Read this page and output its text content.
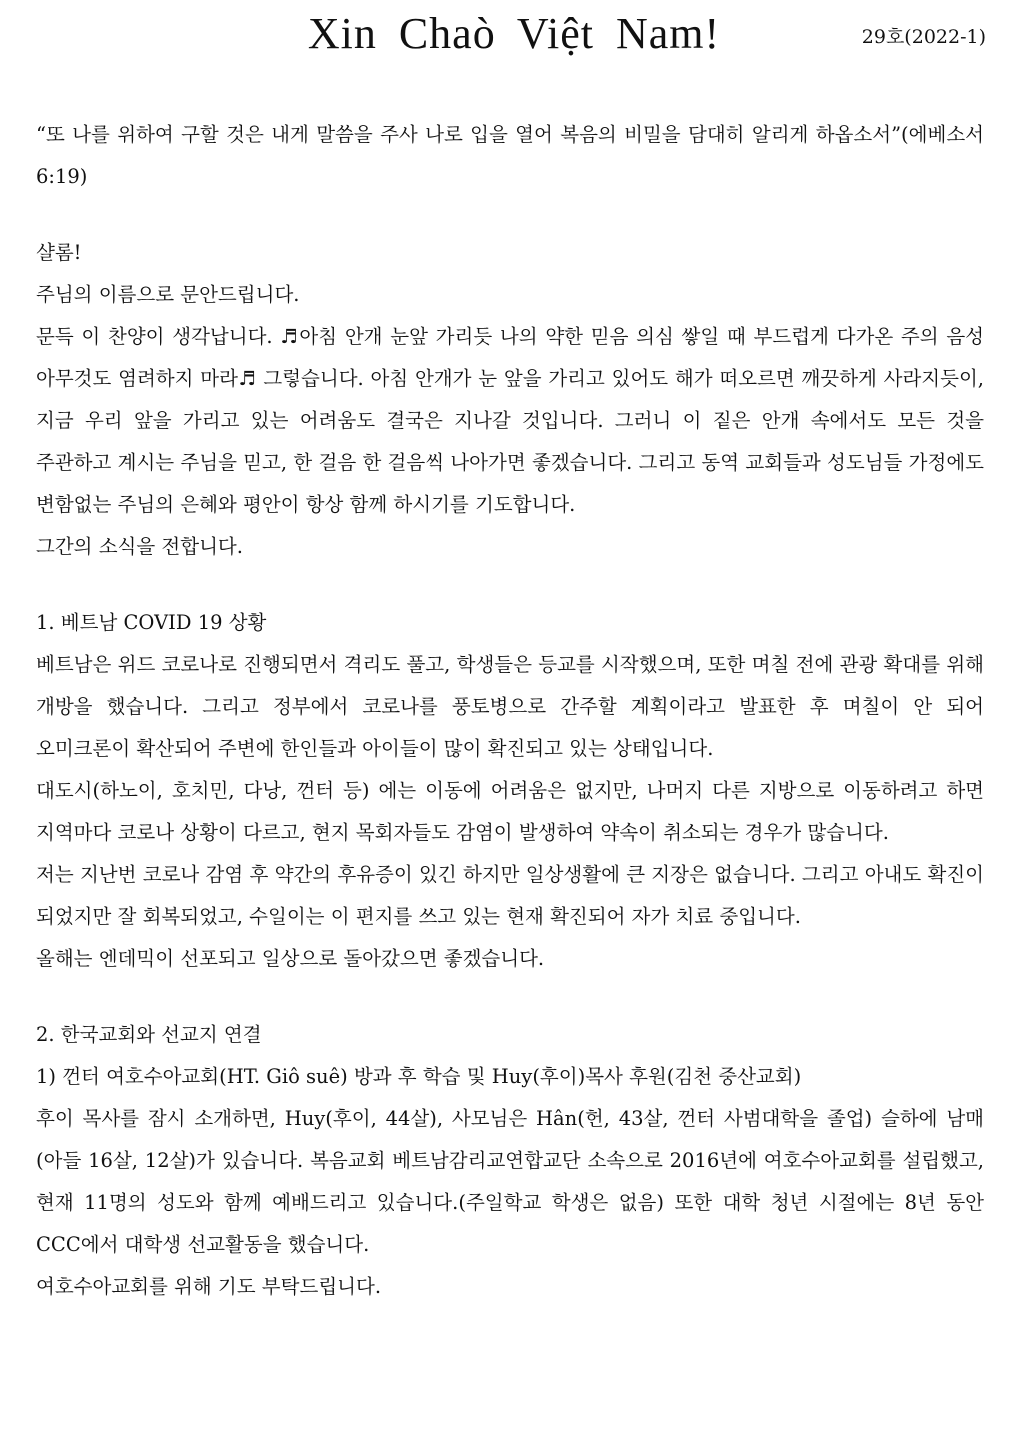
Xin Chaò Việt Nam!	29호(2022-1)

“또 나를 위하여 구할 것은 내게 말씀을 주사 나로 입을 열어 복음의 비밀을 담대히 알리게 하옵소서”(에베소서 6:19)

샬롬!

주님의 이름으로 문안드립니다.

문득 이 찬양이 생각납니다. ♬아침 안개 눈앞 가리듯 나의 약한 믿음 의심 쌓일 때 부드럽게 다가온 주의 음성 아무것도 염려하지 마라♬ 그렇습니다. 아침 안개가 눈 앞을 가리고 있어도 해가 떠오르면 깨끗하게 사라지듯이, 지금 우리 앞을 가리고 있는 어려움도 결국은 지나갈 것입니다. 그러니 이 짙은 안개 속에서도 모든 것을 주관하고 계시는 주님을 믿고, 한 걸음 한 걸음씩 나아가면 좋겠습니다. 그리고 동역 교회들과 성도님들 가정에도 변함없는 주님의 은혜와 평안이 항상 함께 하시기를 기도합니다.

그간의 소식을 전합니다.

1. 베트남 COVID 19 상황

베트남은 위드 코로나로 진행되면서 격리도 풀고, 학생들은 등교를 시작했으며, 또한 며칠 전에 관광 확대를 위해 개방을 했습니다. 그리고 정부에서 코로나를 풍토병으로 간주할 계획이라고 발표한 후 며칠이 안 되어 오미크론이 확산되어 주변에 한인들과 아이들이 많이 확진되고 있는 상태입니다.

대도시(하노이, 호치민, 다낭, 껀터 등) 에는 이동에 어려움은 없지만, 나머지 다른 지방으로 이동하려고 하면 지역마다 코로나 상황이 다르고, 현지 목회자들도 감염이 발생하여 약속이 취소되는 경우가 많습니다.

저는 지난번 코로나 감염 후 약간의 후유증이 있긴 하지만 일상생활에 큰 지장은 없습니다. 그리고 아내도 확진이 되었지만 잘 회복되었고, 수일이는 이 편지를 쓰고 있는 현재 확진되어 자가 치료 중입니다.

올해는 엔데믹이 선포되고 일상으로 돌아갔으면 좋겠습니다.

2. 한국교회와 선교지 연결

1) 껀터 여호수아교회(HT. Giô suê) 방과 후 학습 및 Huy(후이)목사 후원(김천 중산교회)

후이 목사를 잠시 소개하면, Huy(후이, 44살), 사모님은 Hân(헌, 43살, 껀터 사범대학을 졸업) 슬하에 남매(아들 16살, 12살)가 있습니다. 복음교회 베트남감리교연합교단 소속으로 2016년에 여호수아교회를 설립했고, 현재 11명의 성도와 함께 예배드리고 있습니다.(주일학교 학생은 없음) 또한 대학 청년 시절에는 8년 동안 CCC에서 대학생 선교활동을 했습니다.

여호수아교회를 위해 기도 부탁드립니다.
